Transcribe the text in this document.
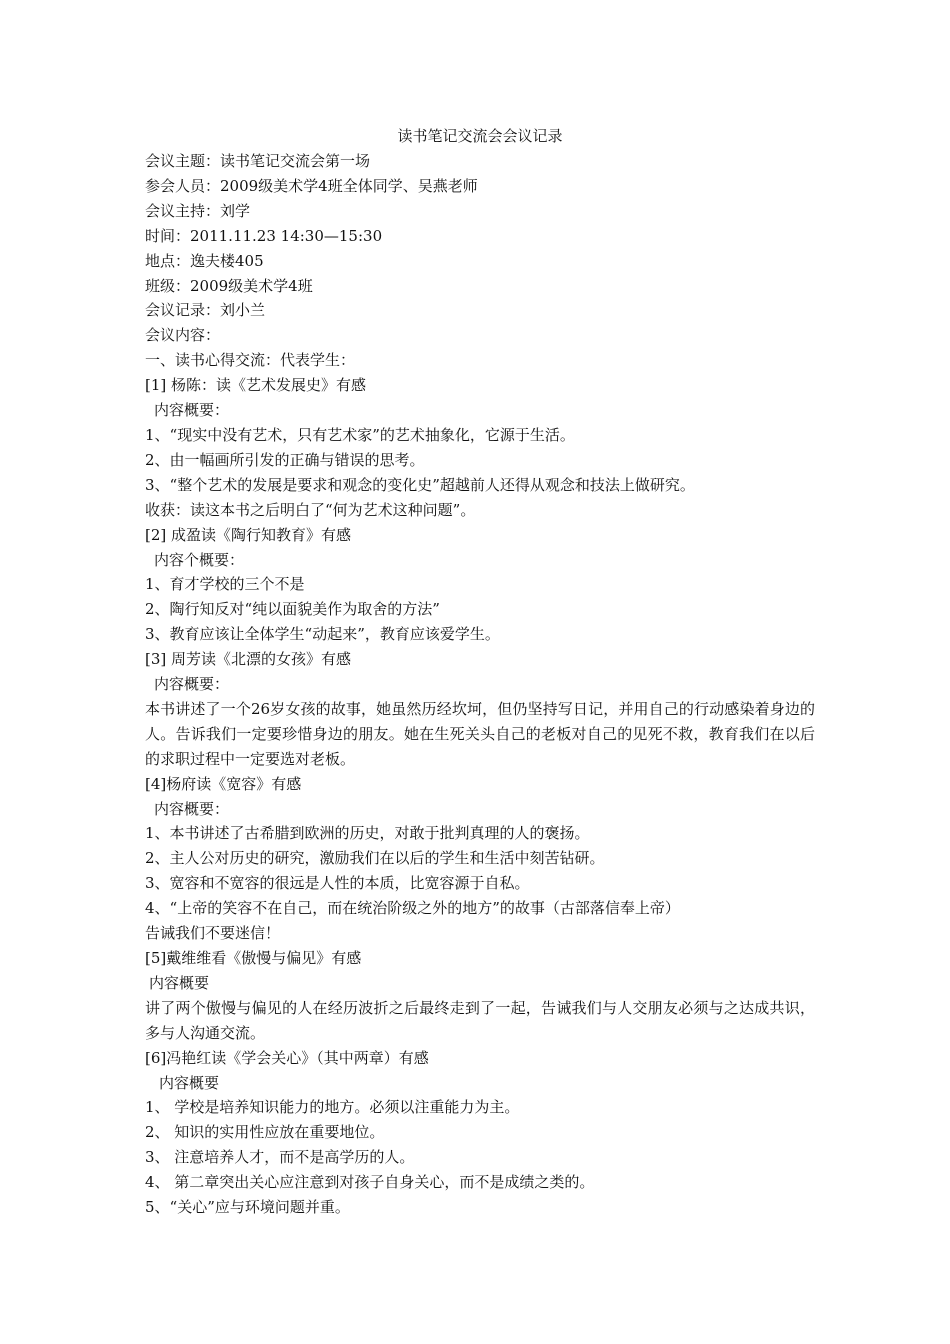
读书笔记交流会会议记录
会议主题：读书笔记交流会第一场
参会人员：2009级美术学4班全体同学、吴燕老师
会议主持：刘学
时间：2011.11.23 14:30—15:30
地点：逸夫楼405
班级：2009级美术学4班
会议记录：刘小兰
会议内容：
一、读书心得交流：代表学生：
[1] 杨陈：读《艺术发展史》有感
内容概要：
1、“现实中没有艺术，只有艺术家”的艺术抽象化，它源于生活。
2、由一幅画所引发的正确与错误的思考。
3、“整个艺术的发展是要求和观念的变化史”超越前人还得从观念和技法上做研究。
收获：读这本书之后明白了“何为艺术这种问题”。
[2] 成盈读《陶行知教育》有感
内容个概要：
1、育才学校的三个不是
2、陶行知反对“纯以面貌美作为取舍的方法”
3、教育应该让全体学生“动起来”，教育应该爱学生。
[3] 周芳读《北漂的女孩》有感
内容概要：
本书讲述了一个26岁女孩的故事，她虽然历经坎坷，但仍坚持写日记，并用自己的行动感染着身边的人。告诉我们一定要珍惜身边的朋友。她在生死关头自己的老板对自己的见死不救，教育我们在以后的求职过程中一定要选对老板。
[4]杨府读《宽容》有感
内容概要：
1、本书讲述了古希腊到欧洲的历史，对敢于批判真理的人的褒扬。
2、主人公对历史的研究，激励我们在以后的学生和生活中刻苦钻研。
3、宽容和不宽容的很远是人性的本质，比宽容源于自私。
4、“上帝的笑容不在自己，而在统治阶级之外的地方”的故事（古部落信奉上帝）
告诫我们不要迷信！
[5]戴维维看《傲慢与偏见》有感
内容概要
讲了两个傲慢与偏见的人在经历波折之后最终走到了一起，告诫我们与人交朋友必须与之达成共识，多与人沟通交流。
[6]冯艳红读《学会关心》（其中两章）有感
内容概要
1、 学校是培养知识能力的地方。必须以注重能力为主。
2、 知识的实用性应放在重要地位。
3、 注意培养人才，而不是高学历的人。
4、 第二章突出关心应注意到对孩子自身关心，而不是成绩之类的。
5、“关心”应与环境问题并重。
